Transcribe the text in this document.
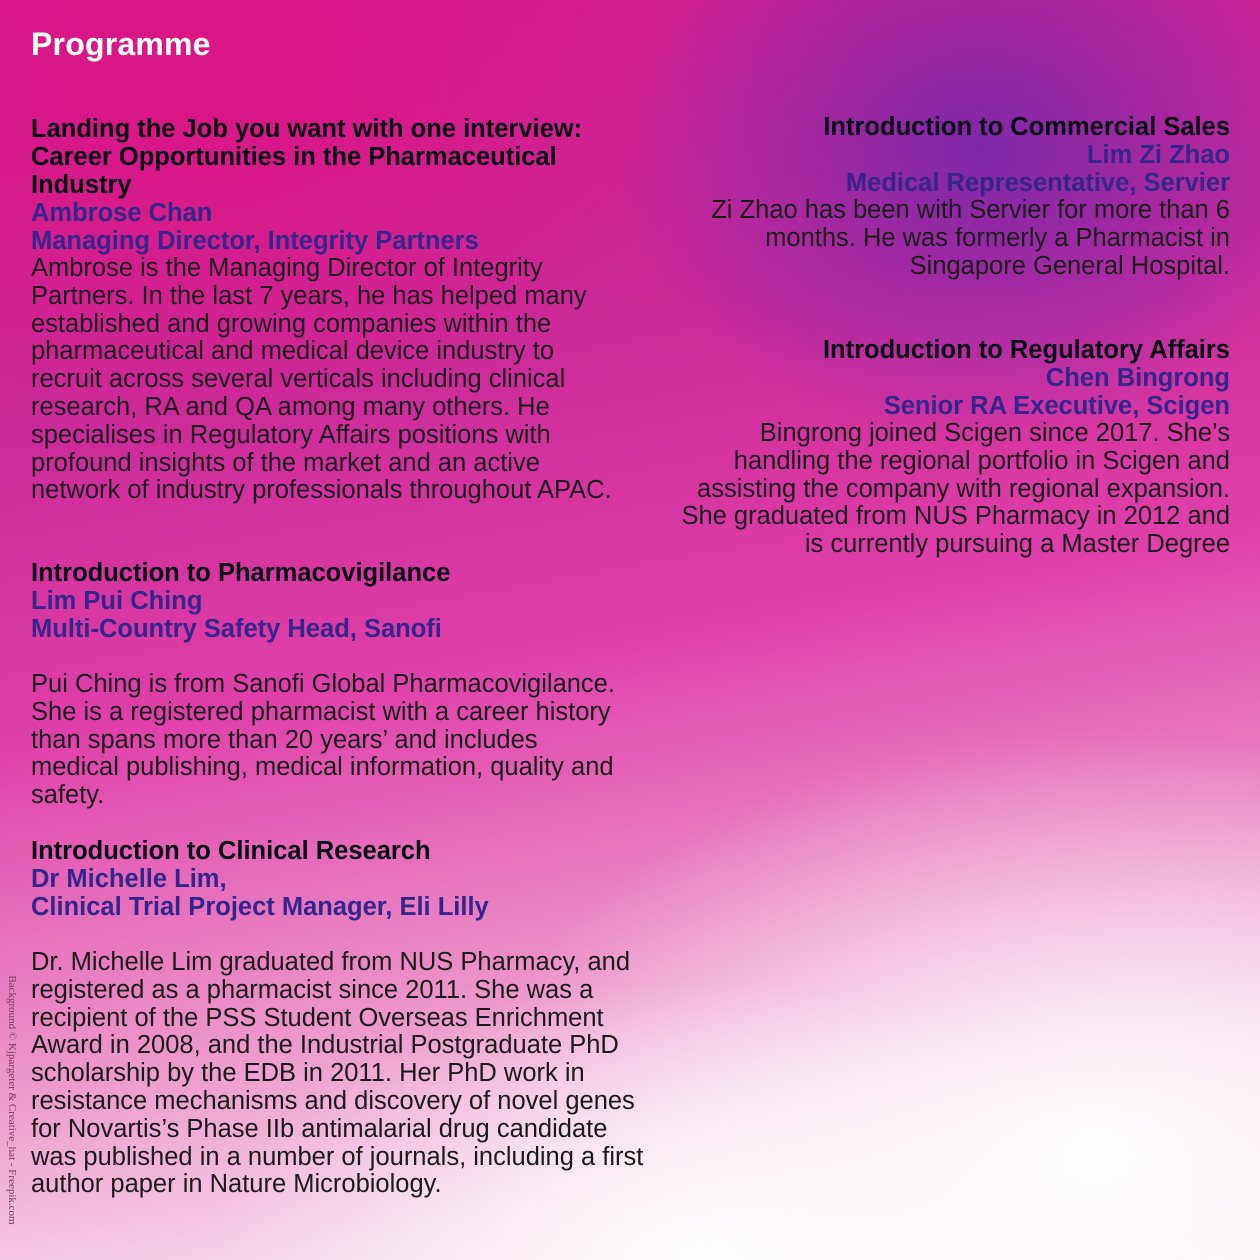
Programme
Landing the Job you want with one interview: Career Opportunities in the Pharmaceutical Industry
Ambrose Chan
Managing Director, Integrity Partners
Ambrose is the Managing Director of Integrity Partners. In the last 7 years, he has helped many established and growing companies within the pharmaceutical and medical device industry to recruit across several verticals including clinical research, RA and QA among many others. He specialises in Regulatory Affairs positions with profound insights of the market and an active network of industry professionals throughout APAC.
Introduction to Pharmacovigilance
Lim Pui Ching
Multi-Country Safety Head, Sanofi
Pui Ching is from Sanofi Global Pharmacovigilance. She is a registered pharmacist with a career history than spans more than 20 years’ and includes medical publishing, medical information, quality and safety.
Introduction to Clinical Research
Dr Michelle Lim,
Clinical Trial Project Manager, Eli Lilly
Dr. Michelle Lim graduated from NUS Pharmacy, and registered as a pharmacist since 2011. She was a recipient of the PSS Student Overseas Enrichment Award in 2008, and the Industrial Postgraduate PhD scholarship by the EDB in 2011. Her PhD work in resistance mechanisms and discovery of novel genes for Novartis’s Phase IIb antimalarial drug candidate was published in a number of journals, including a first author paper in Nature Microbiology.
Introduction to Commercial Sales
Lim Zi Zhao
Medical Representative, Servier
Zi Zhao has been with Servier for more than 6 months. He was formerly a Pharmacist in Singapore General Hospital.
Introduction to Regulatory Affairs
Chen Bingrong
Senior RA Executive, Scigen
Bingrong joined Scigen since 2017. She’s handling the regional portfolio in Scigen and assisting the company with regional expansion. She graduated from NUS Pharmacy in 2012 and is currently pursuing a Master Degree
Background © Kjpargeter & Creative_hat - Freepik.com
